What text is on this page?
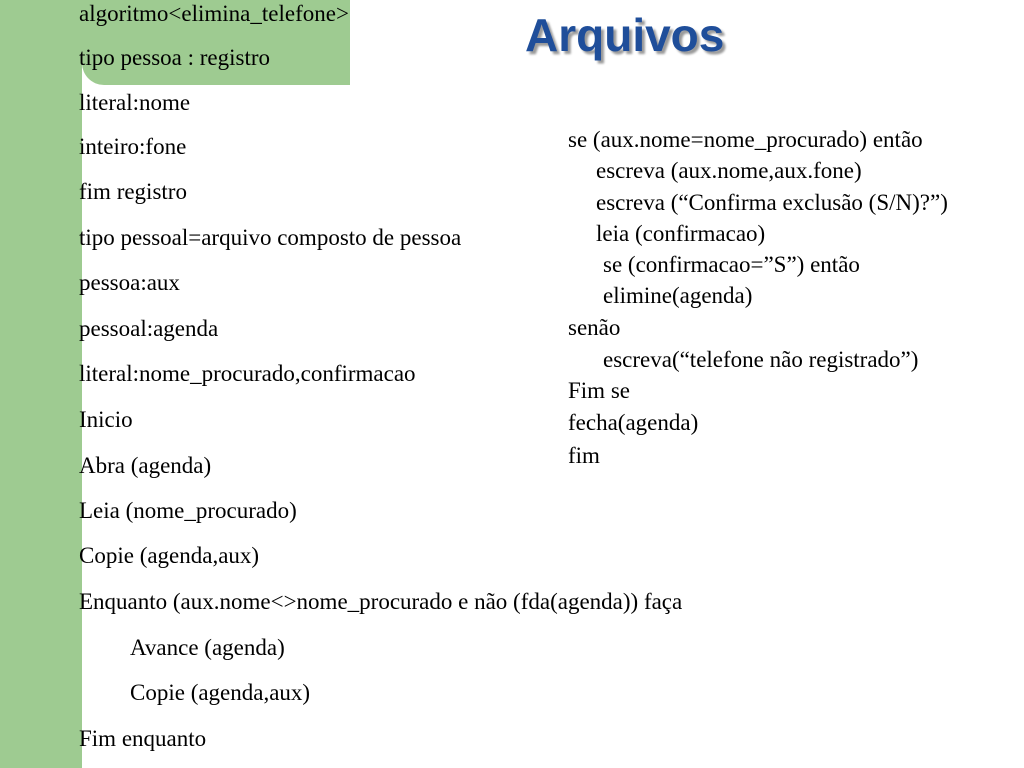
Arquivos
algoritmo<elimina_telefone>
tipo pessoa : registro
literal:nome
inteiro:fone
fim registro
tipo pessoal=arquivo composto de pessoa
pessoa:aux
pessoal:agenda
literal:nome_procurado,confirmacao
Inicio
Abra (agenda)
Leia (nome_procurado)
Copie (agenda,aux)
Enquanto (aux.nome<>nome_procurado e não (fda(agenda)) faça
Avance (agenda)
Copie (agenda,aux)
Fim enquanto
se (aux.nome=nome_procurado) então
escreva (aux.nome,aux.fone)
escreva (“Confirma exclusão (S/N)?”)
leia (confirmacao)
se (confirmacao=”S”) então
elimine(agenda)
senão
escreva(“telefone não registrado”)
Fim se
fecha(agenda)
fim
